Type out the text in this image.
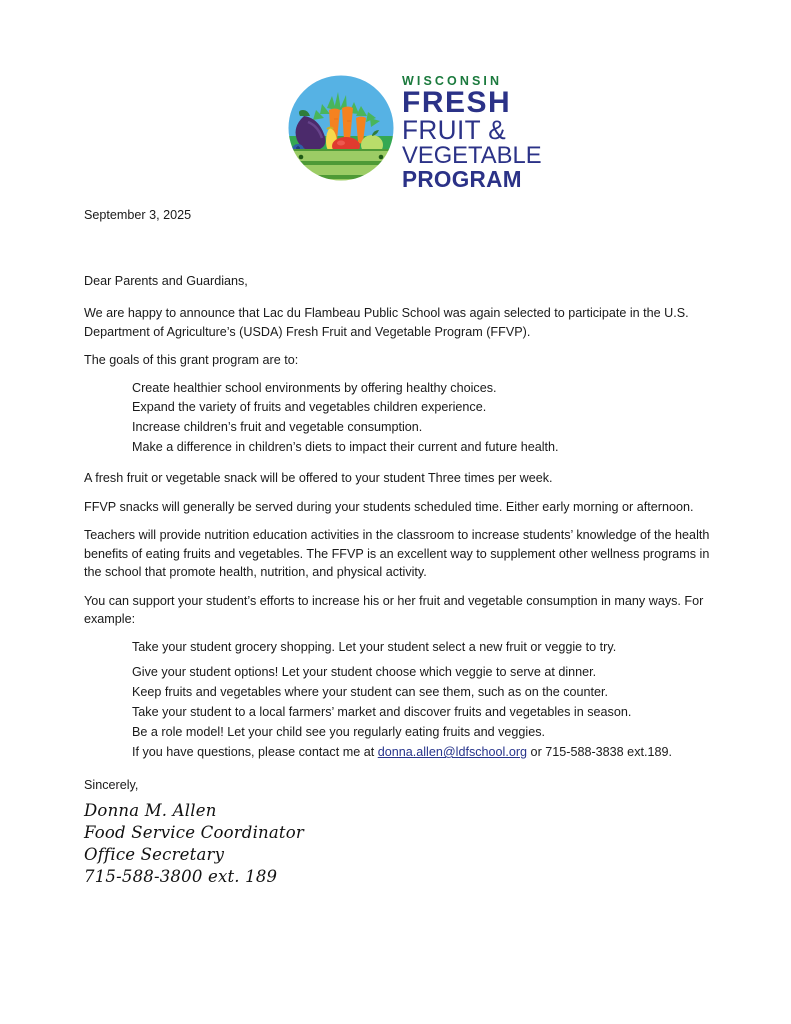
WISCONSIN
FRESH
FRUIT &
VEGETABLE
PROGRAM

September 3, 2025

Dear Parents and Guardians,

We are happy to announce that Lac du Flambeau Public School was again selected to participate in the U.S. Department of Agriculture’s (USDA) Fresh Fruit and Vegetable Program (FFVP).

The goals of this grant program are to:

Create healthier school environments by offering healthy choices.
Expand the variety of fruits and vegetables children experience.
Increase children’s fruit and vegetable consumption.
Make a difference in children’s diets to impact their current and future health.

A fresh fruit or vegetable snack will be offered to your student Three times per week.

FFVP snacks will generally be served during your students scheduled time. Either early morning or afternoon.

Teachers will provide nutrition education activities in the classroom to increase students’ knowledge of the health benefits of eating fruits and vegetables. The FFVP is an excellent way to supplement other wellness programs in the school that promote health, nutrition, and physical activity.

You can support your student’s efforts to increase his or her fruit and vegetable consumption in many ways. For example:

Take your student grocery shopping. Let your student select a new fruit or veggie to try.
Give your student options! Let your student choose which veggie to serve at dinner.
Keep fruits and vegetables where your student can see them, such as on the counter.
Take your student to a local farmers’ market and discover fruits and vegetables in season.
Be a role model! Let your child see you regularly eating fruits and veggies.
If you have questions, please contact me at donna.allen@ldfschool.org or 715-588-3838 ext.189.

Sincerely,

Donna M. Allen
Food Service Coordinator
Office Secretary
715-588-3800 ext. 189
